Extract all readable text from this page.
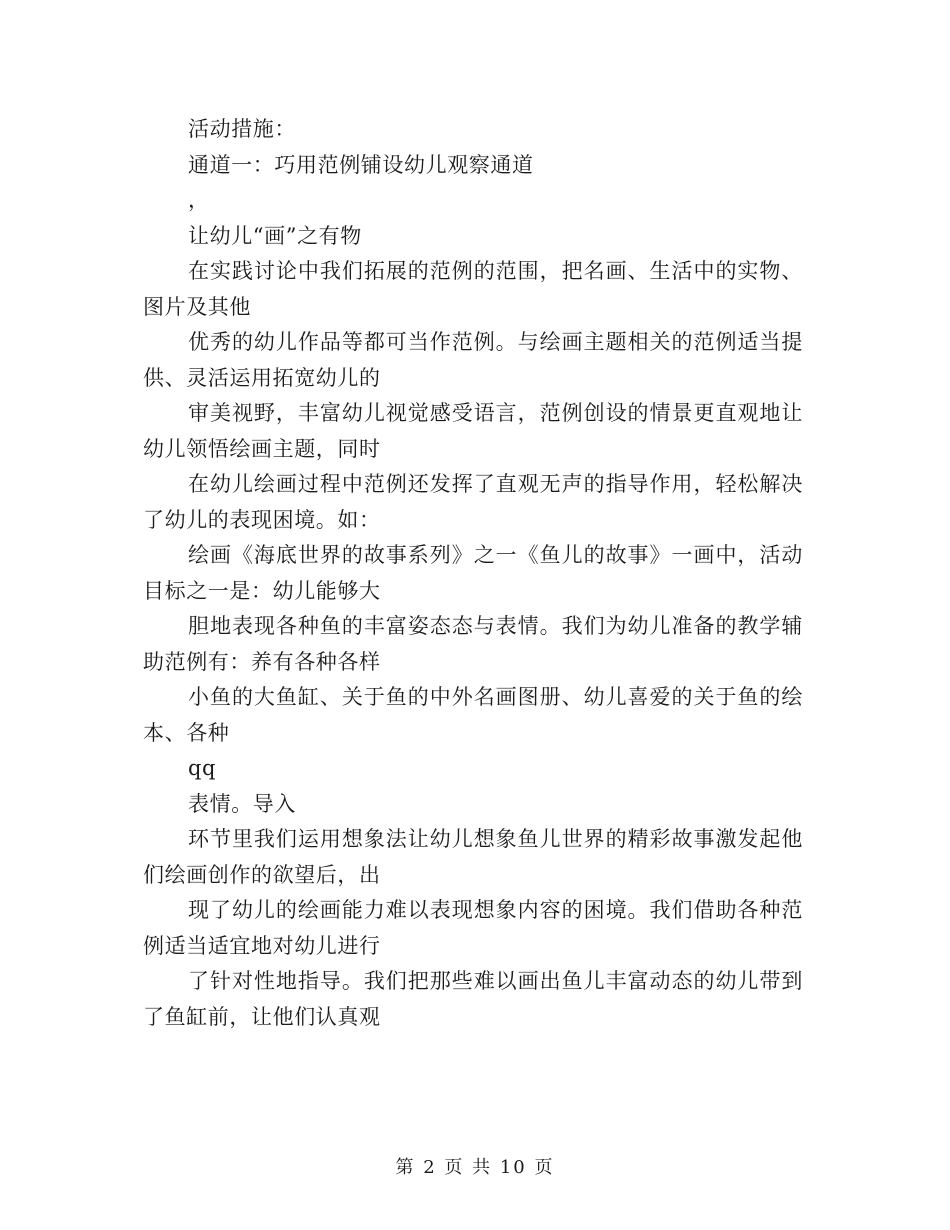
活动措施：

通道一：巧用范例铺设幼儿观察通道

，

让幼儿“画”之有物

在实践讨论中我们拓展的范例的范围，把名画、生活中的实物、图片及其他

优秀的幼儿作品等都可当作范例。与绘画主题相关的范例适当提供、灵活运用拓宽幼儿的

审美视野，丰富幼儿视觉感受语言，范例创设的情景更直观地让幼儿领悟绘画主题，同时

在幼儿绘画过程中范例还发挥了直观无声的指导作用，轻松解决了幼儿的表现困境。如：

绘画《海底世界的故事系列》之一《鱼儿的故事》一画中，活动目标之一是：幼儿能够大

胆地表现各种鱼的丰富姿态态与表情。我们为幼儿准备的教学辅助范例有：养有各种各样

小鱼的大鱼缸、关于鱼的中外名画图册、幼儿喜爱的关于鱼的绘本、各种

qq

表情。导入

环节里我们运用想象法让幼儿想象鱼儿世界的精彩故事激发起他们绘画创作的欲望后，出

现了幼儿的绘画能力难以表现想象内容的困境。我们借助各种范例适当适宜地对幼儿进行

了针对性地指导。我们把那些难以画出鱼儿丰富动态的幼儿带到了鱼缸前，让他们认真观

第 2 页 共 10 页
